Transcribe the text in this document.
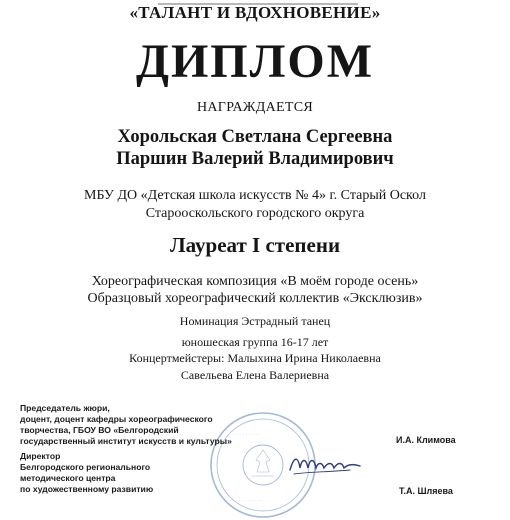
«ТАЛАНТ И ВДОХНОВЕНИЕ»
ДИПЛОМ
НАГРАЖДАЕТСЯ
Хорольская Светлана Сергеевна
Паршин Валерий Владимирович
МБУ ДО «Детская школа искусств № 4» г. Старый Оскол
Старооскольского городского округа
Лауреат I степени
Хореографическая композиция «В моём городе осень»
Образцовый хореографический коллектив «Эксклюзив»
Номинация Эстрадный танец
юношеская группа 16-17 лет
Концертмейстеры: Малыхина Ирина Николаевна
Савельева Елена Валериевна
· · · · · · · · · ·
· · · · · · · · · · · ·
Председатель жюри,
доцент, доцент кафедры хореографического
творчества, ГБОУ ВО «Белгородский
государственный институт искусств и культуры»	И.А. Климова
Директор
Белгородского регионального
методического центра
по художественному развитию	Т.А. Шляева
